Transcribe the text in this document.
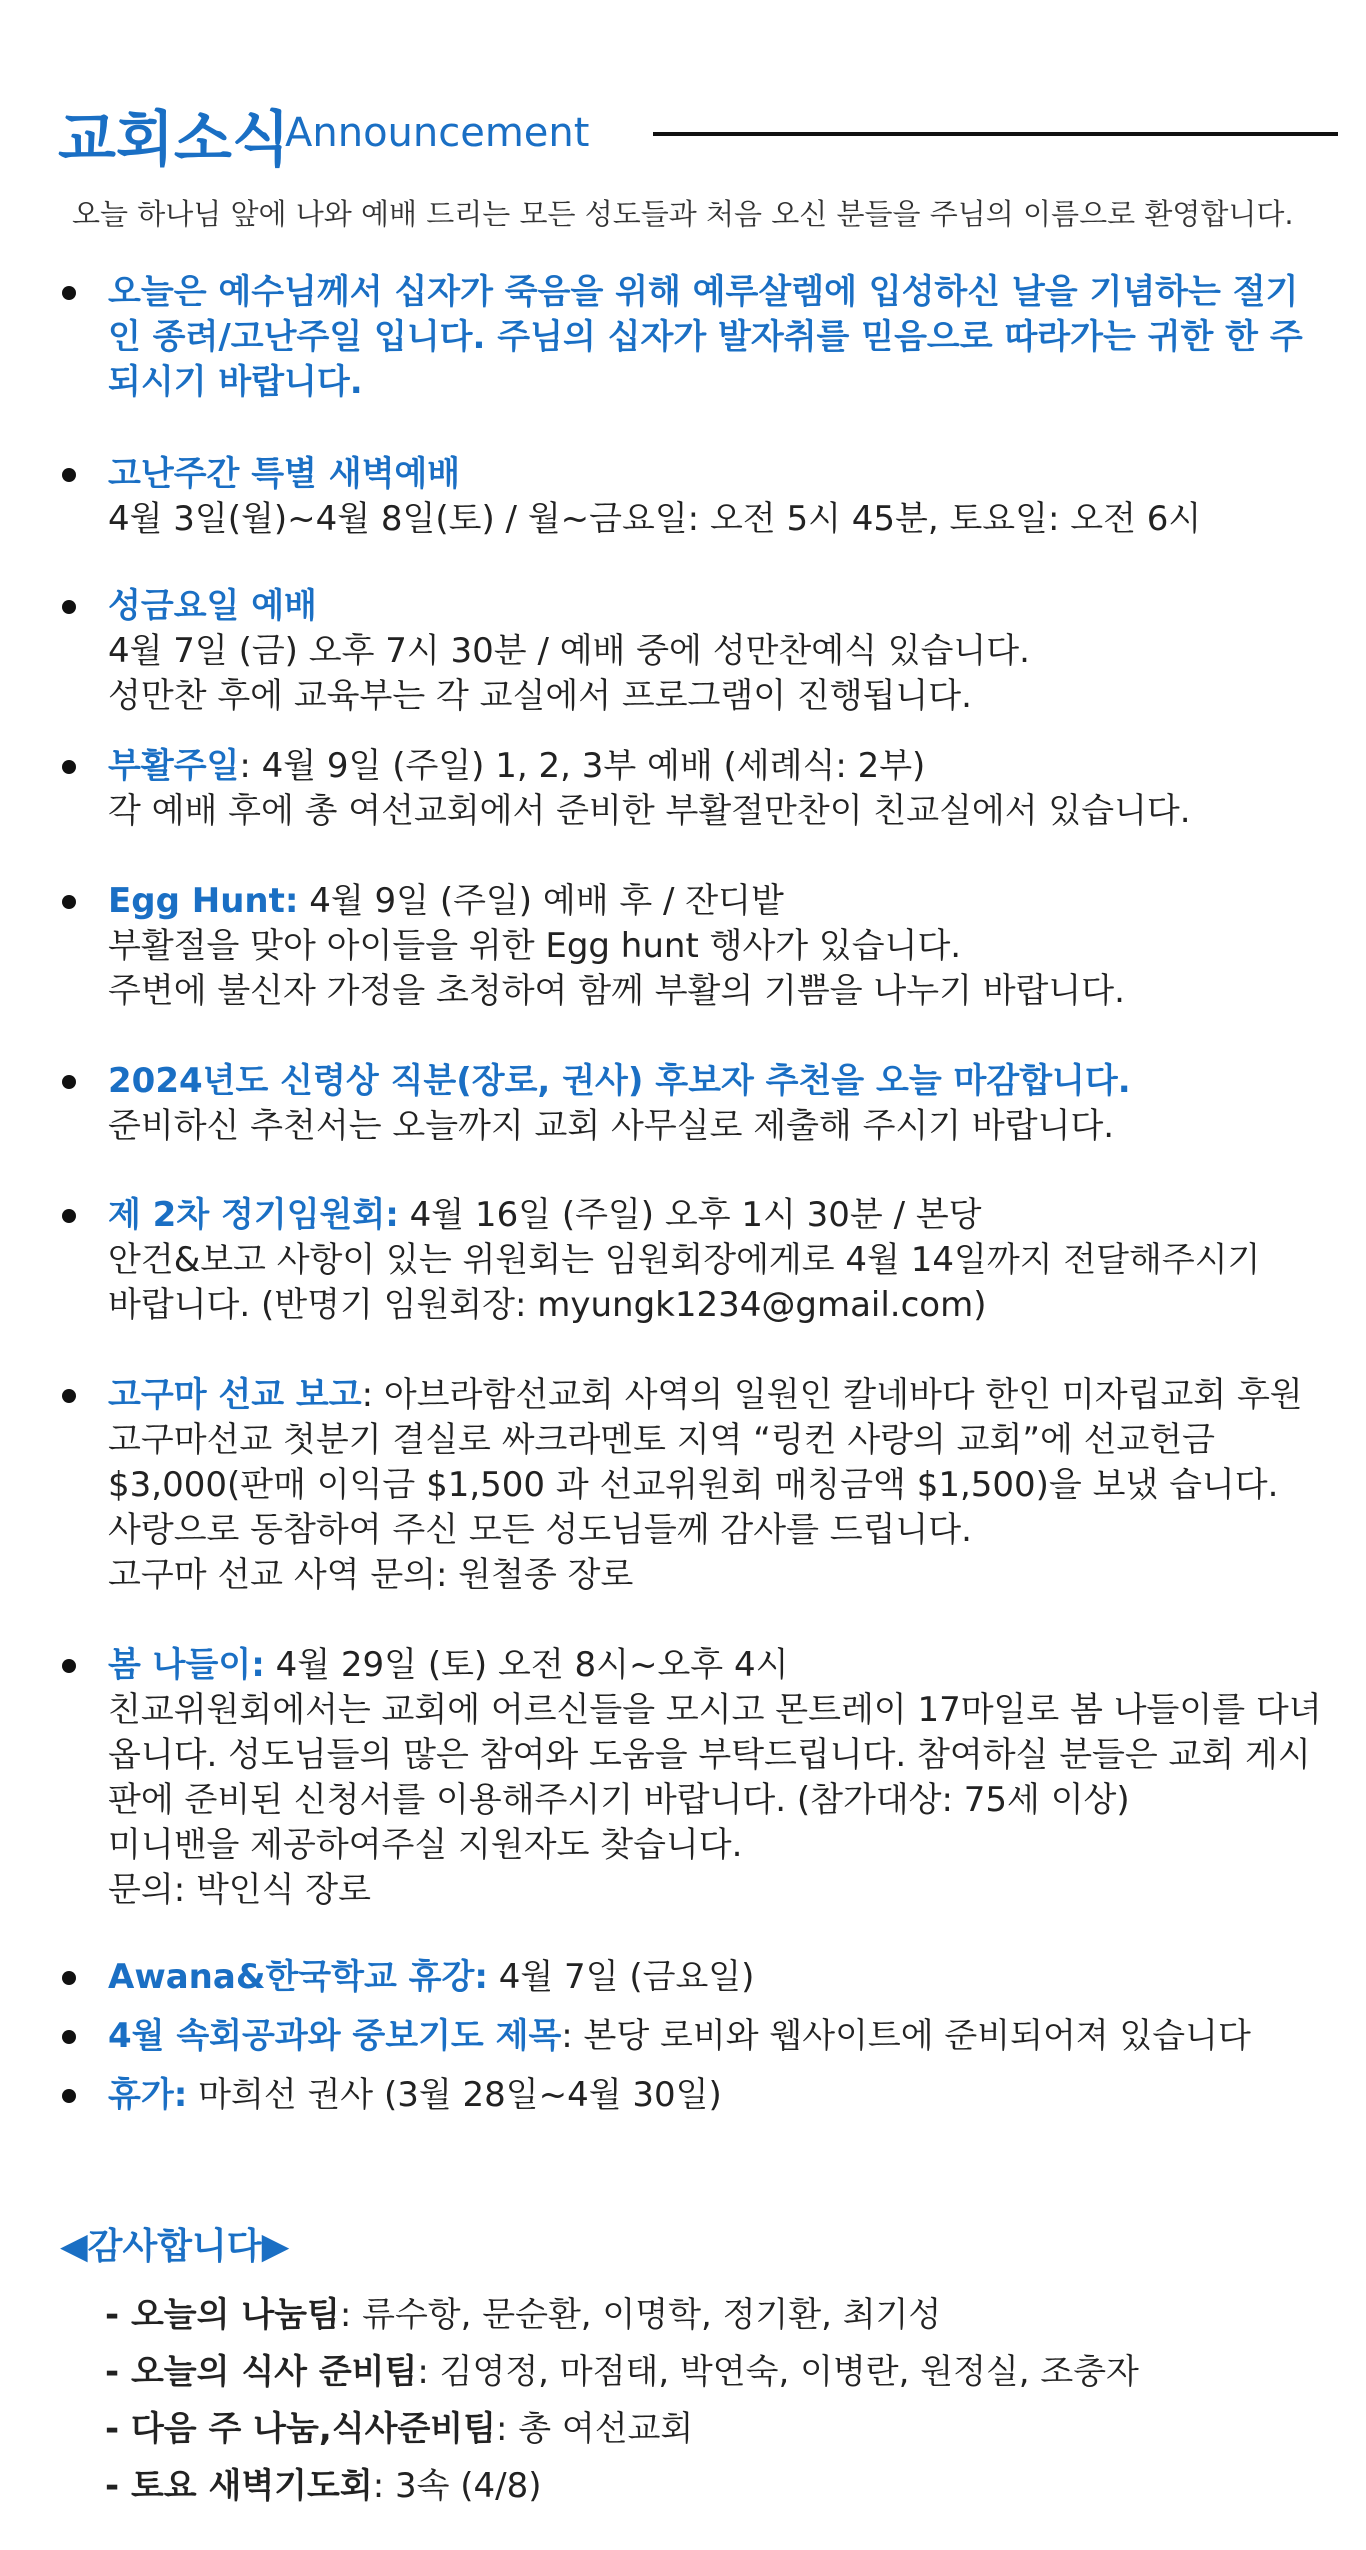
교회소식
Announcement
오늘 하나님 앞에 나와 예배 드리는 모든 성도들과 처음 오신 분들을 주님의 이름으로 환영합니다.
오늘은 예수님께서 십자가 죽음을 위해 예루살렘에 입성하신 날을 기념하는 절기인 종려/고난주일 입니다. 주님의 십자가 발자취를 믿음으로 따라가는 귀한 한 주 되시기 바랍니다.
고난주간 특별 새벽예배
4월 3일(월)~4월 8일(토) / 월~금요일: 오전 5시 45분, 토요일: 오전 6시
성금요일 예배
4월 7일 (금) 오후 7시 30분 / 예배 중에 성만찬예식 있습니다.
성만찬 후에 교육부는 각 교실에서 프로그램이 진행됩니다.
부활주일: 4월 9일 (주일) 1, 2, 3부 예배 (세례식: 2부)
각 예배 후에 총 여선교회에서 준비한 부활절만찬이 친교실에서 있습니다.
Egg Hunt: 4월 9일 (주일) 예배 후 / 잔디밭
부활절을 맞아 아이들을 위한 Egg hunt 행사가 있습니다.
주변에 불신자 가정을 초청하여 함께 부활의 기쁨을 나누기 바랍니다.
2024년도 신령상 직분(장로, 권사) 후보자 추천을 오늘 마감합니다.
준비하신 추천서는 오늘까지 교회 사무실로 제출해 주시기 바랍니다.
제 2차 정기임원회: 4월 16일 (주일) 오후 1시 30분 / 본당
안건&보고 사항이 있는 위원회는 임원회장에게로 4월 14일까지 전달해주시기
바랍니다. (반명기 임원회장: myungk1234@gmail.com)
고구마 선교 보고: 아브라함선교회 사역의 일원인 칼네바다 한인 미자립교회 후원 고구마선교 첫분기 결실로 싸크라멘토 지역 “링컨 사랑의 교회”에 선교헌금 $3,000(판매 이익금 $1,500 과 선교위원회 매칭금액 $1,500)을 보냈 습니다.
사랑으로 동참하여 주신 모든 성도님들께 감사를 드립니다.
고구마 선교 사역 문의: 원철종 장로
봄 나들이: 4월 29일 (토) 오전 8시~오후 4시
친교위원회에서는 교회에 어르신들을 모시고 몬트레이 17마일로 봄 나들이를 다녀옵니다. 성도님들의 많은 참여와 도움을 부탁드립니다. 참여하실 분들은 교회 게시판에 준비된 신청서를 이용해주시기 바랍니다. (참가대상: 75세 이상)
미니밴을 제공하여주실 지원자도 찾습니다.
문의: 박인식 장로
Awana&한국학교 휴강: 4월 7일 (금요일)
4월 속회공과와 중보기도 제목: 본당 로비와 웹사이트에 준비되어져 있습니다
휴가: 마희선 권사 (3월 28일~4월 30일)
◀감사합니다▶
- 오늘의 나눔팀: 류수항, 문순환, 이명학, 정기환, 최기성
- 오늘의 식사 준비팀: 김영정, 마점태, 박연숙, 이병란, 원정실, 조충자
- 다음 주 나눔,식사준비팀: 총 여선교회
- 토요 새벽기도회: 3속 (4/8)
